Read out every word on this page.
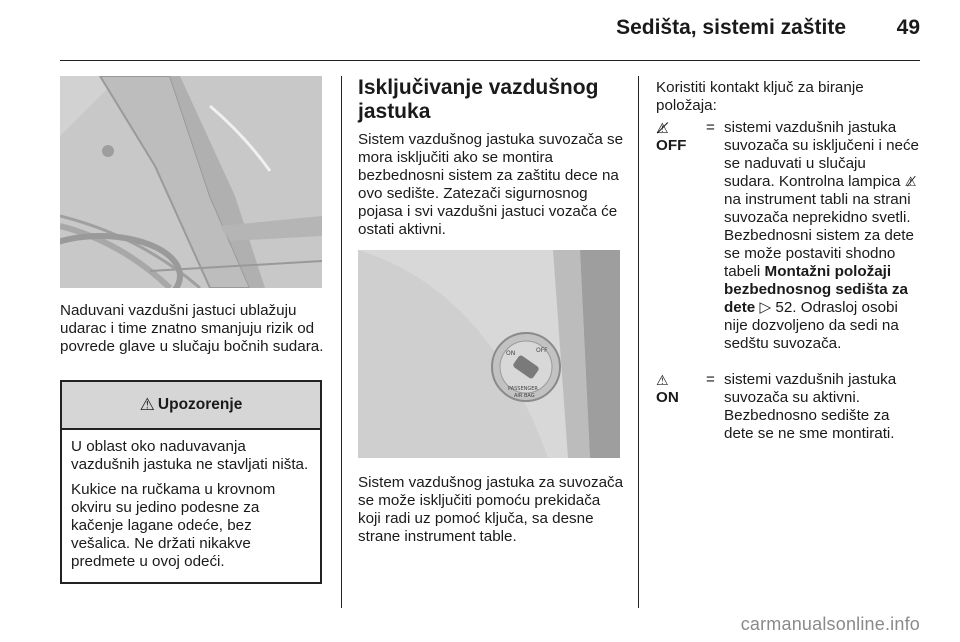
Sedišta, sistemi zaštite	49
Naduvani vazdušni jastuci ublažuju udarac i time znatno smanjuju rizik od povrede glave u slučaju bočnih sudara.
⚠ Upozorenje

U oblast oko naduvavanja vazdušnih jastuka ne stavljati ništa.

Kukice na ručkama u krovnom okviru su jedino podesne za kačenje lagane odeće, bez vešalica. Ne držati nikakve predmete u ovoj odeći.

Isključivanje vazdušnog jastuka
Sistem vazdušnog jastuka suvozača se mora isključiti ako se montira bezbednosni sistem za zaštitu dece na ovo sedište. Zatezači sigurnosnog pojasa i svi vazdušni jastuci vozača će ostati aktivni.
ON	OFF
PASSENGER
AIR BAG
Sistem vazdušnog jastuka za suvozača se može isključiti pomoću prekidača koji radi uz pomoć ključa, sa desne strane instrument table.
Koristiti kontakt ključ za biranje položaja:
⚠̸
OFF
= sistemi vazdušnih jastuka suvozača su isključeni i neće se naduvati u slučaju sudara. Kontrolna lampica ⚠̸ na instrument tabli na strani suvozača neprekidno svetli. Bezbednosni sistem za dete se može postaviti shodno tabeli Montažni položaji bezbednosnog sedišta za dete ▷ 52. Odrasloj osobi nije dozvoljeno da sedi na sedštu suvozača.
⚠
ON
= sistemi vazdušnih jastuka suvozača su aktivni. Bezbednosno sedište za dete se ne sme montirati.
carmanualsonline.info
